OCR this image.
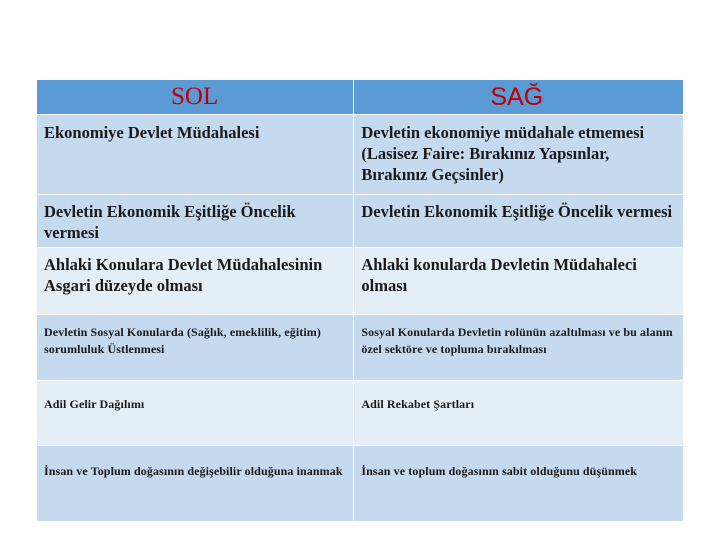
SOL	SAĞ

Ekonomiye Devlet Müdahalesi	Devletin ekonomiye müdahale etmemesi (Lasisez Faire: Bırakınız Yapsınlar, Bırakınız Geçsinler)
Devletin Ekonomik Eşitliğe Öncelik vermesi	Devletin Ekonomik Eşitliğe Öncelik vermesi
Ahlaki Konulara Devlet Müdahalesinin Asgari düzeyde olması	Ahlaki konularda Devletin Müdahaleci olması
Devletin Sosyal Konularda (Sağlık, emeklilik, eğitim) sorumluluk Üstlenmesi	Sosyal Konularda Devletin rolünün azaltılması ve bu alanın özel sektöre ve topluma bırakılması
Adil Gelir Dağılımı	Adil Rekabet Şartları
İnsan ve Toplum doğasının değişebilir olduğuna inanmak	İnsan ve toplum doğasının sabit olduğunu düşünmek
